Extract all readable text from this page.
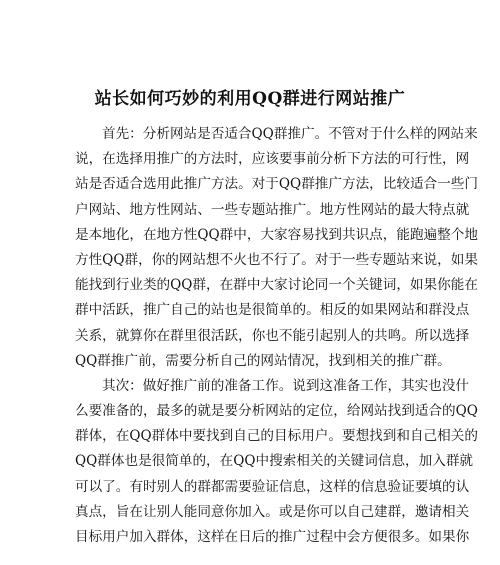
站长如何巧妙的利用QQ群进行网站推广
首先：分析网站是否适合QQ群推广。不管对于什么样的网站来
说，在选择用推广的方法时，应该要事前分析下方法的可行性，网
站是否适合选用此推广方法。对于QQ群推广方法，比较适合一些门
户网站、地方性网站、一些专题站推广。地方性网站的最大特点就
是本地化，在地方性QQ群中，大家容易找到共识点，能跑遍整个地
方性QQ群，你的网站想不火也不行了。对于一些专题站来说，如果
能找到行业类的QQ群，在群中大家讨论同一个关键词，如果你能在
群中活跃，推广自己的站也是很简单的。相反的如果网站和群没点
关系，就算你在群里很活跃，你也不能引起别人的共鸣。所以选择
QQ群推广前，需要分析自己的网站情况，找到相关的推广群。
其次：做好推广前的准备工作。说到这准备工作，其实也没什
么要准备的，最多的就是要分析网站的定位，给网站找到适合的QQ
群体，在QQ群体中要找到自己的目标用户。要想找到和自己相关的
QQ群体也是很简单的，在QQ中搜索相关的关键词信息，加入群就
可以了。有时别人的群都需要验证信息，这样的信息验证要填的认
真点，旨在让别人能同意你加入。或是你可以自己建群，邀请相关
目标用户加入群体，这样在日后的推广过程中会方便很多。如果你
